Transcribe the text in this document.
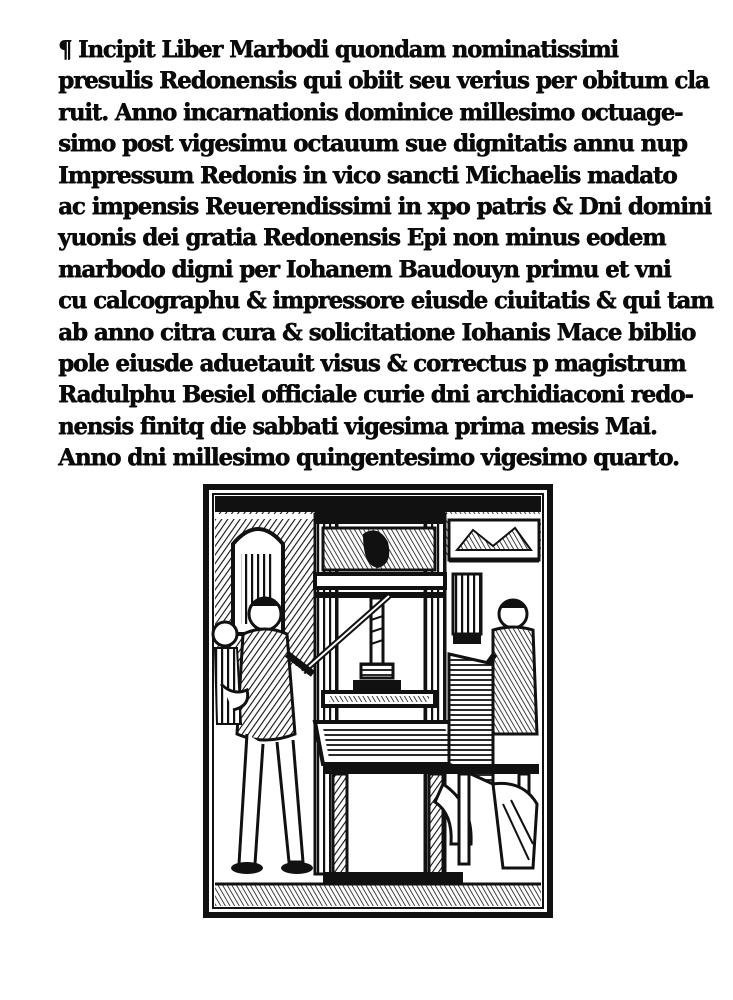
¶ Incipit Liber Marbodi quondam nominatissimi
presulis Redonensis qui obiit seu verius per obitum cla
ruit. Anno incarnationis dominice millesimo octuage-
simo post vigesimu octauum sue dignitatis annu nup
Impressum Redonis in vico sancti Michaelis madato
ac impensis Reuerendissimi in xpo patris & Dni domini
yuonis dei gratia Redonensis Epi non minus eodem
marbodo digni per Iohanem Baudouyn primu et vni
cu calcographu & impressore eiusde ciuitatis & qui tam
ab anno citra cura & solicitatione Iohanis Mace biblio
pole eiusde aduetauit visus & correctus p magistrum
Radulphu Besiel officiale curie dni archidiaconi redo-
nensis finitq die sabbati vigesima prima mesis Mai.
Anno dni millesimo quingentesimo vigesimo quarto.
